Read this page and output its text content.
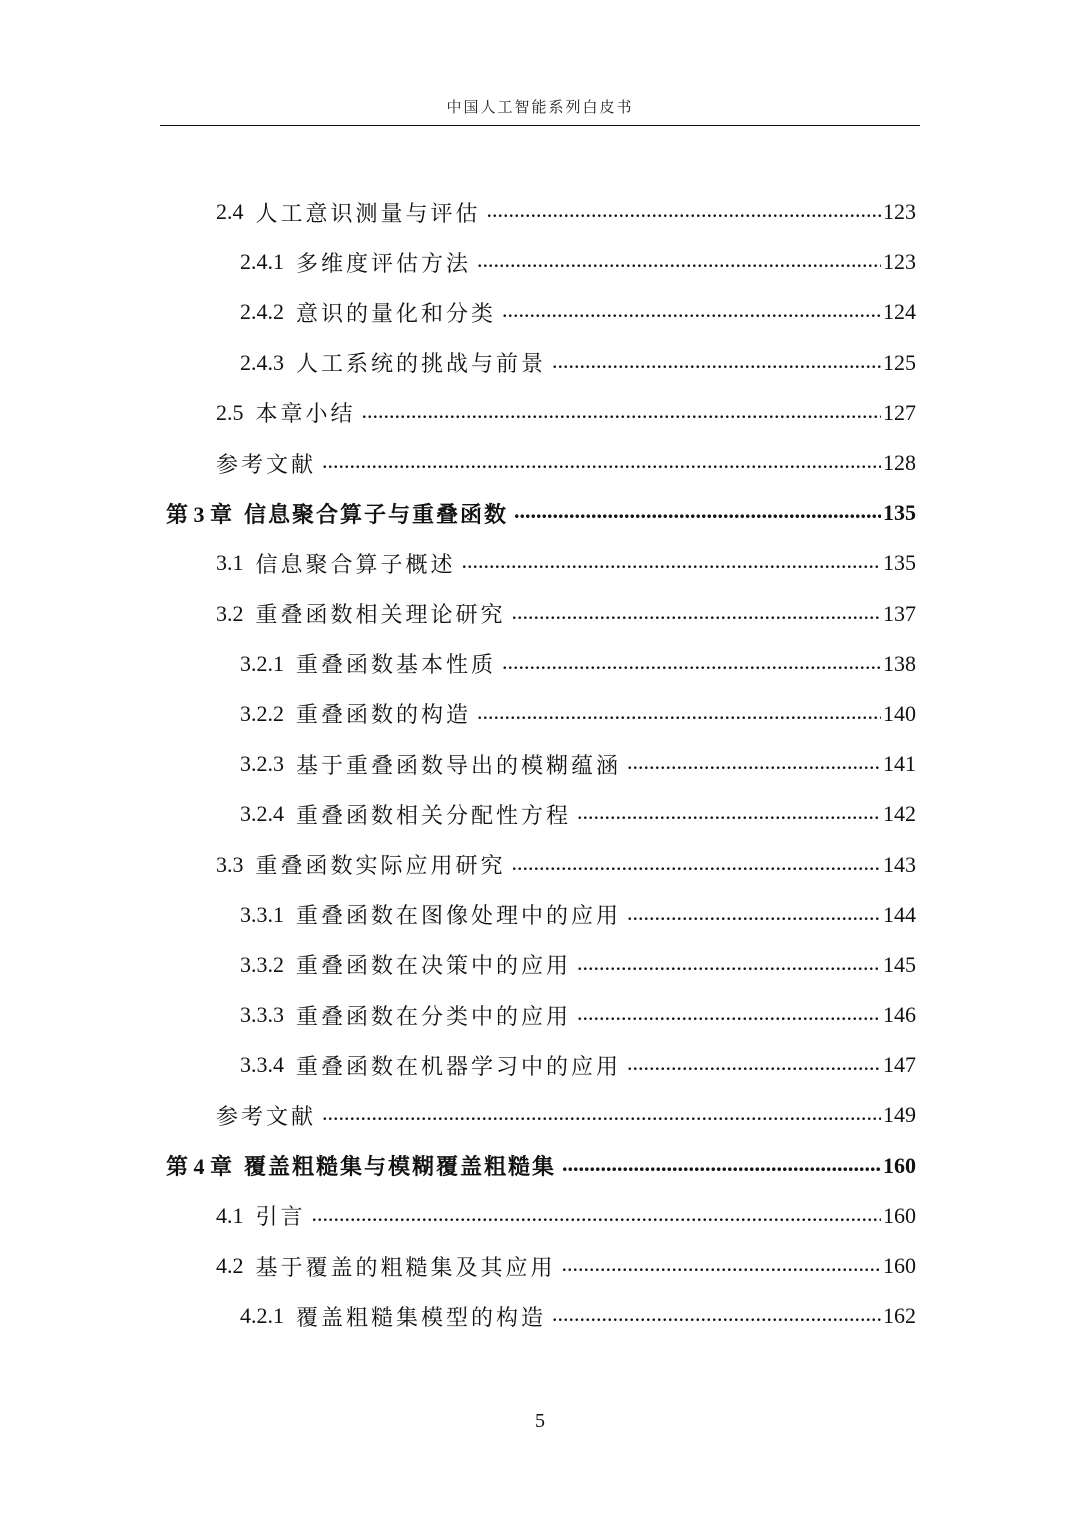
中国人工智能系列白皮书
2.4 人工意识测量与评估 .....	123
2.4.1 多维度评估方法 .....	123
2.4.2 意识的量化和分类 .....	124
2.4.3 人工系统的挑战与前景 .....	125
2.5 本章小结 .....	127
参考文献 .....	128
第 3 章 信息聚合算子与重叠函数 .....	135
3.1 信息聚合算子概述 .....	135
3.2 重叠函数相关理论研究 .....	137
3.2.1 重叠函数基本性质 .....	138
3.2.2 重叠函数的构造 .....	140
3.2.3 基于重叠函数导出的模糊蕴涵 .....	141
3.2.4 重叠函数相关分配性方程 .....	142
3.3 重叠函数实际应用研究 .....	143
3.3.1 重叠函数在图像处理中的应用 .....	144
3.3.2 重叠函数在决策中的应用 .....	145
3.3.3 重叠函数在分类中的应用 .....	146
3.3.4 重叠函数在机器学习中的应用 .....	147
参考文献 .....	149
第 4 章 覆盖粗糙集与模糊覆盖粗糙集 .....	160
4.1 引言 .....	160
4.2 基于覆盖的粗糙集及其应用 .....	160
4.2.1 覆盖粗糙集模型的构造 .....	162
5
